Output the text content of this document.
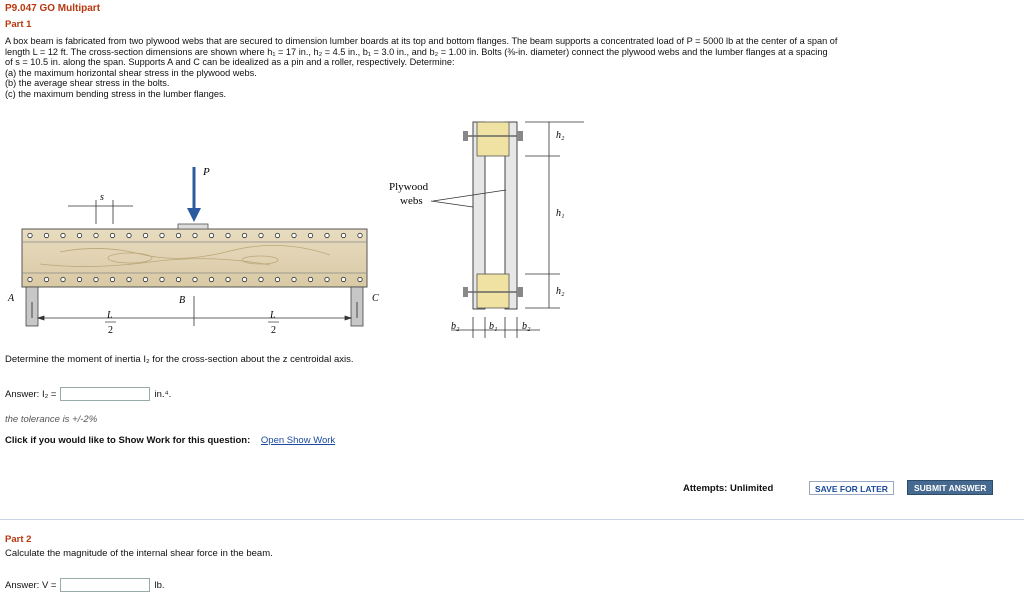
P9.047 GO Multipart
Part 1

A box beam is fabricated from two plywood webs that are secured to dimension lumber boards at its top and bottom flanges. The beam supports a concentrated load of P = 5000 lb at the center of a span of

length L = 12 ft. The cross-section dimensions are shown where h₁ = 17 in., h₂ = 4.5 in., b₁ = 3.0 in., and b₂ = 1.00 in. Bolts (⅜-in. diameter) connect the plywood webs and the lumber flanges at a spacing

of s = 10.5 in. along the span. Supports A and C can be idealized as a pin and a roller, respectively. Determine:

(a) the maximum horizontal shear stress in the plywood webs.

(b) the average shear stress in the bolts.

(c) the maximum bending stress in the lumber flanges.

P
s
A	B	C
L
2
L
2
Plywood
webs
h₂
h₁
h₂
b₂	b₁ b₂
Determine the moment of inertia I₂ for the cross-section about the z centroidal axis.
Answer: I₂ =	in.⁴.
the tolerance is +/-2%
Click if you would like to Show Work for this question: Open Show Work
Attempts: Unlimited	SAVE FOR LATER	SUBMIT ANSWER
Part 2
Calculate the magnitude of the internal shear force in the beam.
Answer: V =	lb.
